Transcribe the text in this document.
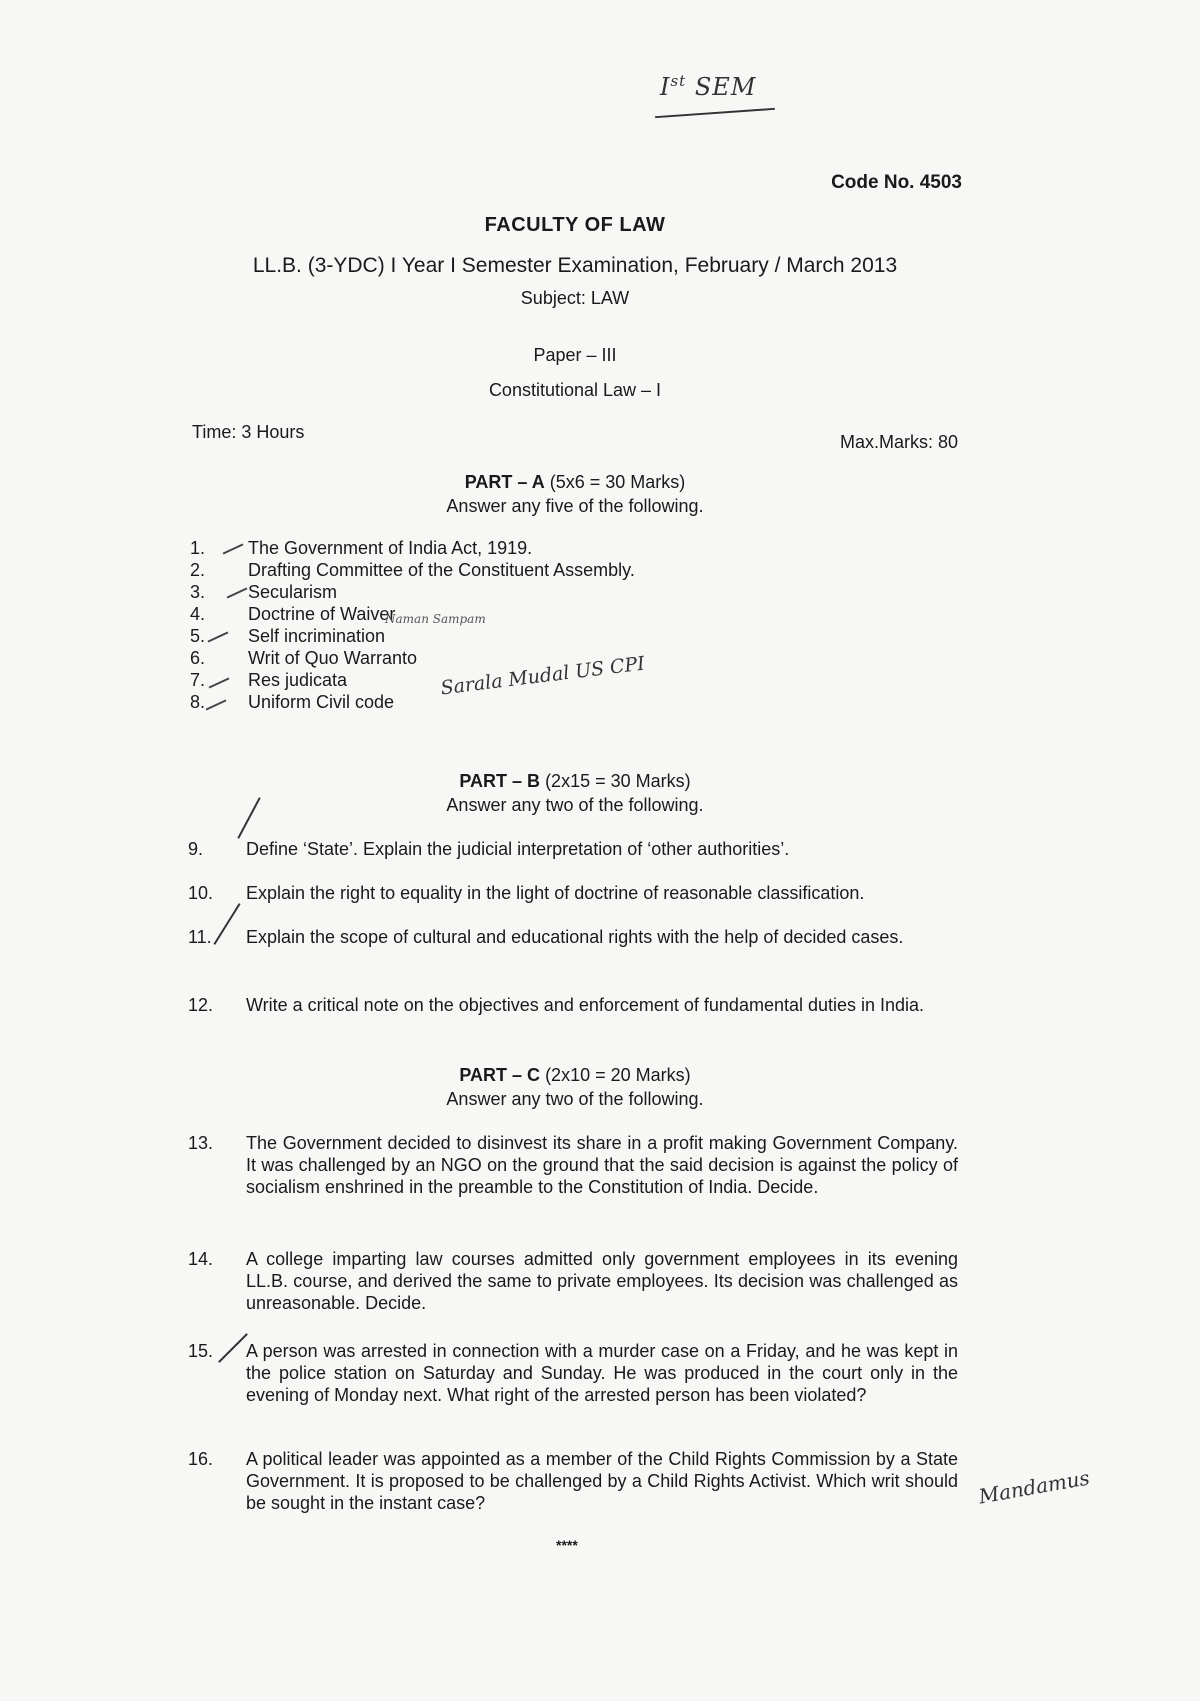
Ist SEM
Code No. 4503
FACULTY OF LAW
LL.B. (3-YDC) I Year I Semester Examination, February / March 2013
Subject: LAW
Paper – III
Constitutional Law – I
Time: 3 Hours	Max.Marks: 80
PART – A (5x6 = 30 Marks)
Answer any five of the following.
1. The Government of India Act, 1919.
2. Drafting Committee of the Constituent Assembly.
3. Secularism
4. Doctrine of Waiver
5. Self incrimination
6. Writ of Quo Warranto
7. Res judicata
8. Uniform Civil code
Naman Sampam
Sarala Mudal US CPI
PART – B (2x15 = 30 Marks)
Answer any two of the following.
9. Define ‘State’. Explain the judicial interpretation of ‘other authorities’.
10. Explain the right to equality in the light of doctrine of reasonable classification.
11. Explain the scope of cultural and educational rights with the help of decided cases.
12. Write a critical note on the objectives and enforcement of fundamental duties in India.
PART – C (2x10 = 20 Marks)
Answer any two of the following.
13. The Government decided to disinvest its share in a profit making Government Company. It was challenged by an NGO on the ground that the said decision is against the policy of socialism enshrined in the preamble to the Constitution of India. Decide.
14. A college imparting law courses admitted only government employees in its evening LL.B. course, and derived the same to private employees. Its decision was challenged as unreasonable. Decide.
15. A person was arrested in connection with a murder case on a Friday, and he was kept in the police station on Saturday and Sunday. He was produced in the court only in the evening of Monday next. What right of the arrested person has been violated?
16. A political leader was appointed as a member of the Child Rights Commission by a State Government. It is proposed to be challenged by a Child Rights Activist. Which writ should be sought in the instant case?	Mandamus
****
